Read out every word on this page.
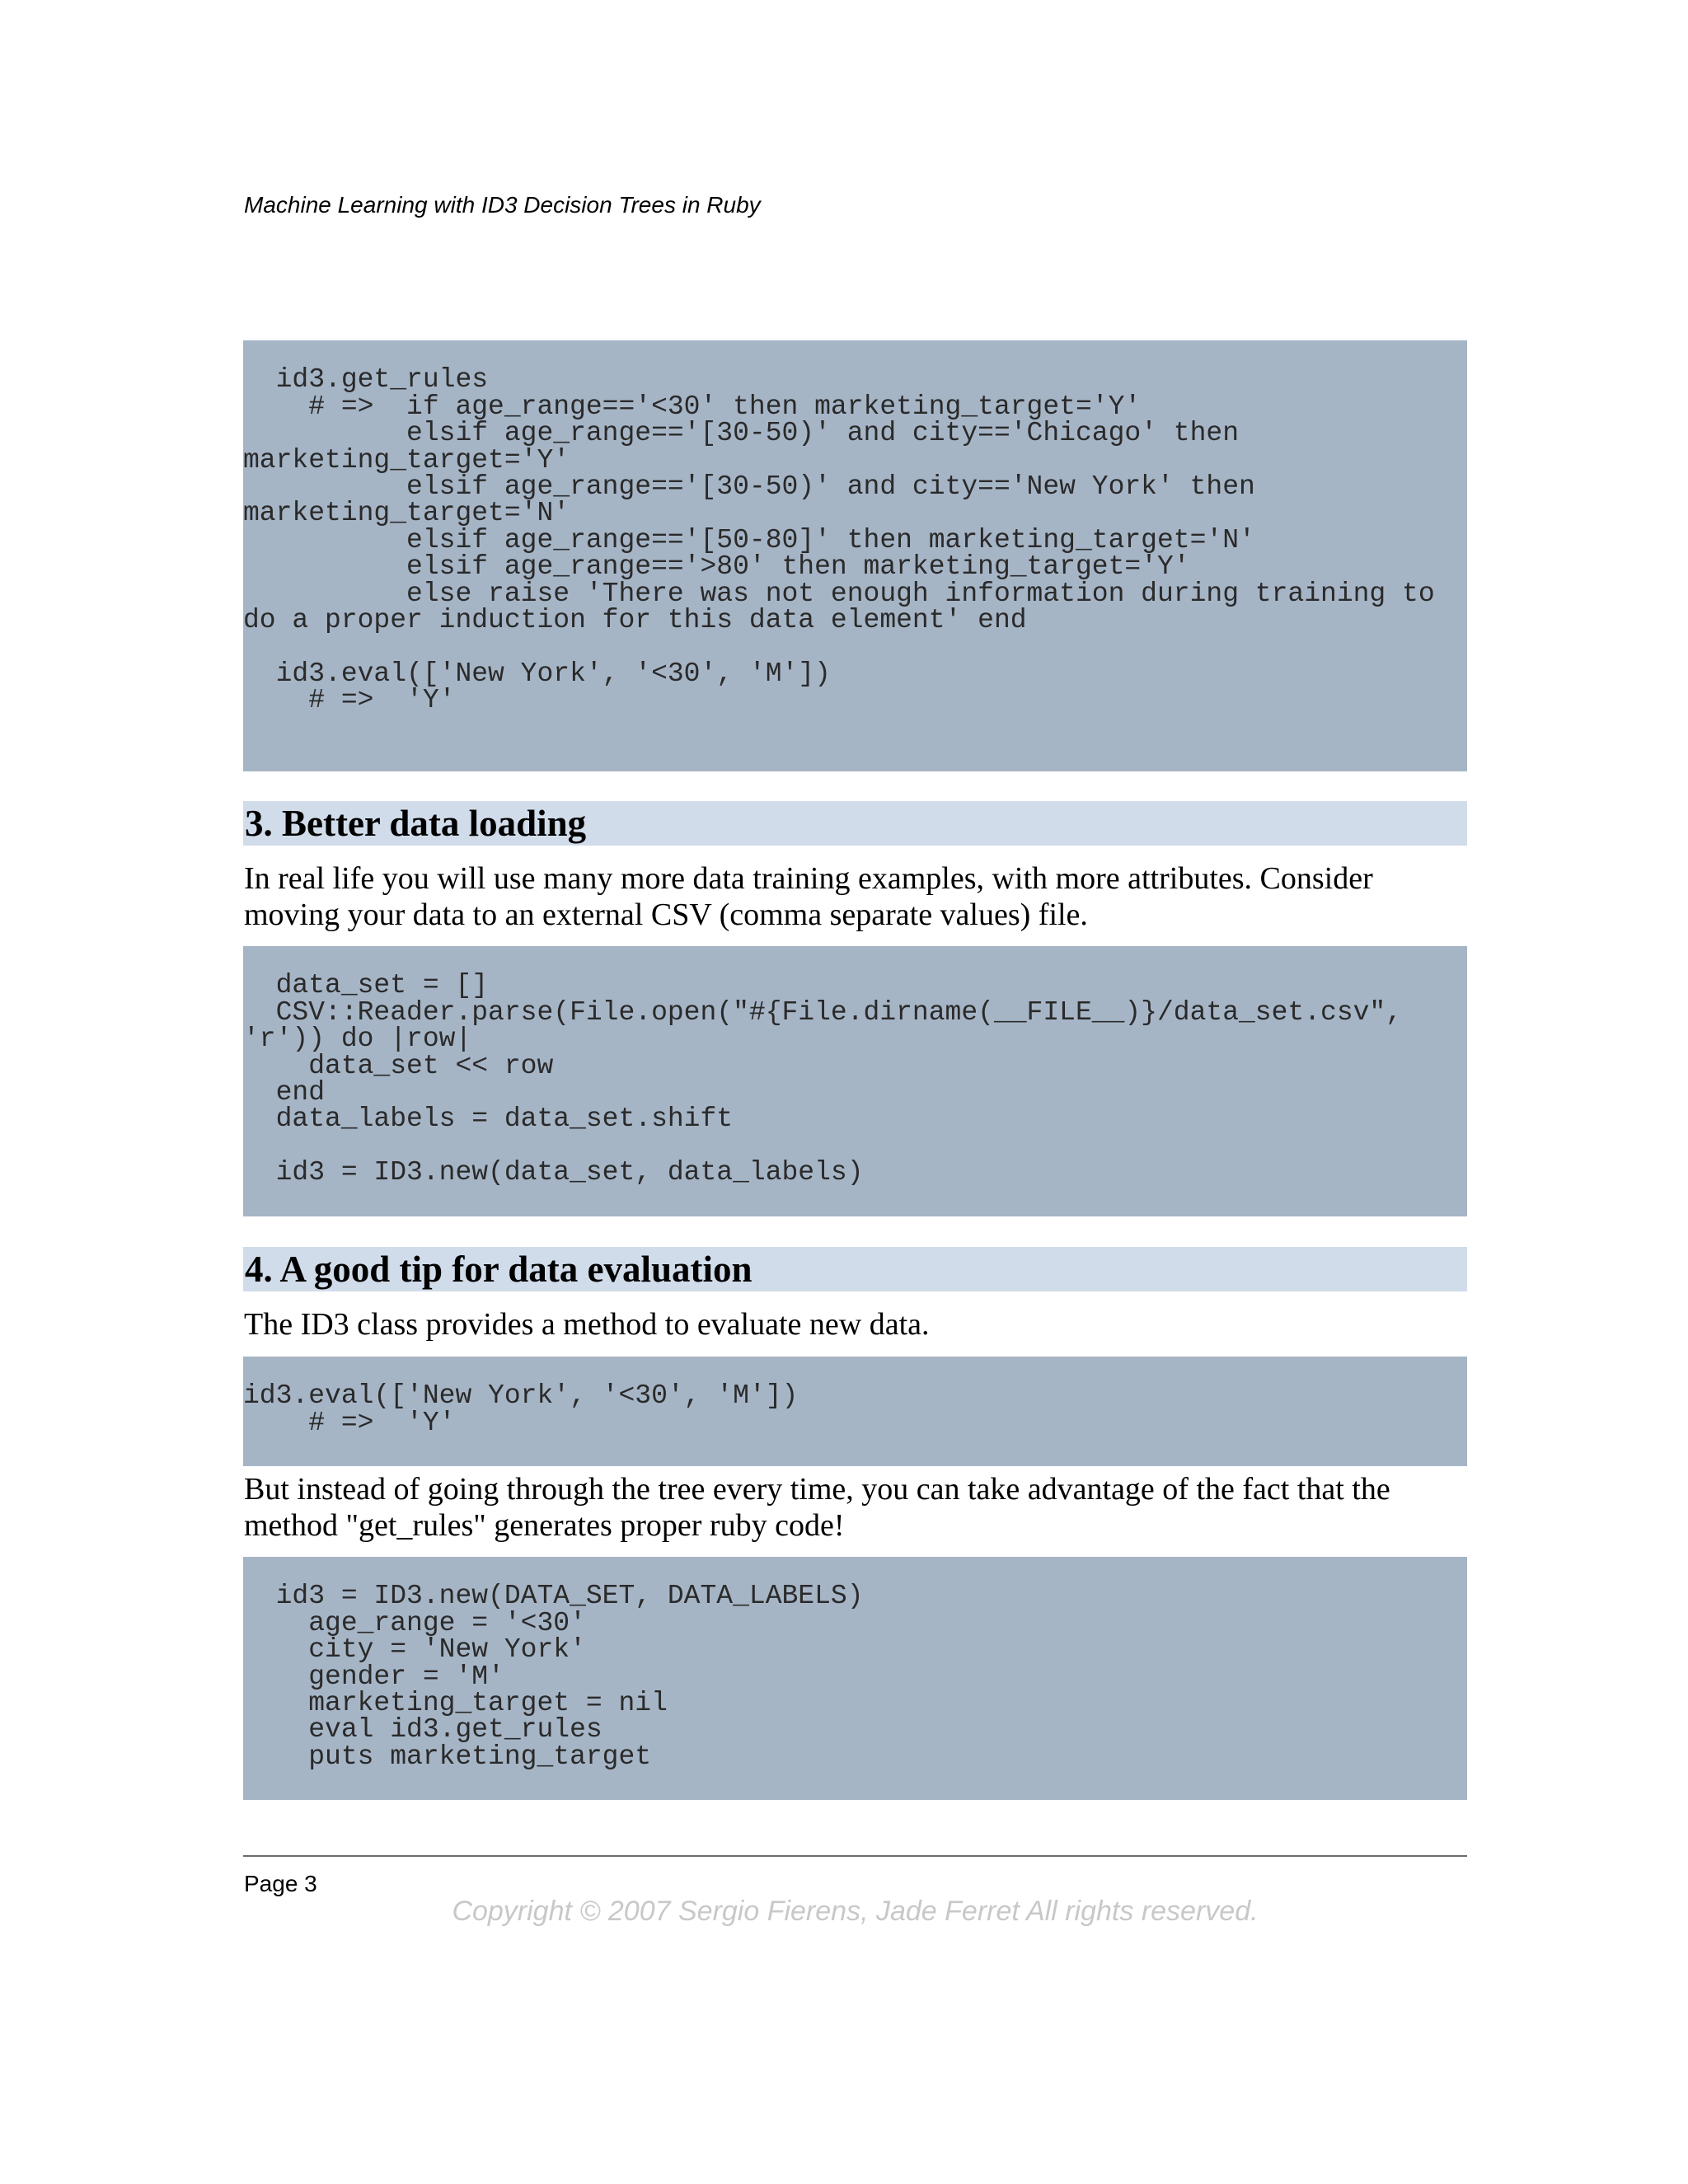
Machine Learning with ID3 Decision Trees in Ruby

id3.get_rules
# =>  if age_range=='<30' then marketing_target='Y'
elsif age_range=='[30-50)' and city=='Chicago' then
marketing_target='Y'
elsif age_range=='[30-50)' and city=='New York' then
marketing_target='N'
elsif age_range=='[50-80]' then marketing_target='N'
elsif age_range=='>80' then marketing_target='Y'
else raise 'There was not enough information during training to
do a proper induction for this data element' end

id3.eval(['New York', '<30', 'M'])
# =>  'Y'
3. Better data loading

In real life you will use many more data training examples, with more attributes. Consider moving your data to an external CSV (comma separate values) file.

data_set = []
CSV::Reader.parse(File.open("#{File.dirname(__FILE__)}/data_set.csv",
'r')) do |row|
data_set << row
end
data_labels = data_set.shift

id3 = ID3.new(data_set, data_labels)
4. A good tip for data evaluation

The ID3 class provides a method to evaluate new data.

id3.eval(['New York', '<30', 'M'])
# =>  'Y'

But instead of going through the tree every time, you can take advantage of the fact that the method "get_rules" generates proper ruby code!

id3 = ID3.new(DATA_SET, DATA_LABELS)
age_range = '<30'
city = 'New York'
gender = 'M'
marketing_target = nil
eval id3.get_rules
puts marketing_target

Page 3

Copyright © 2007 Sergio Fierens, Jade Ferret All rights reserved.
